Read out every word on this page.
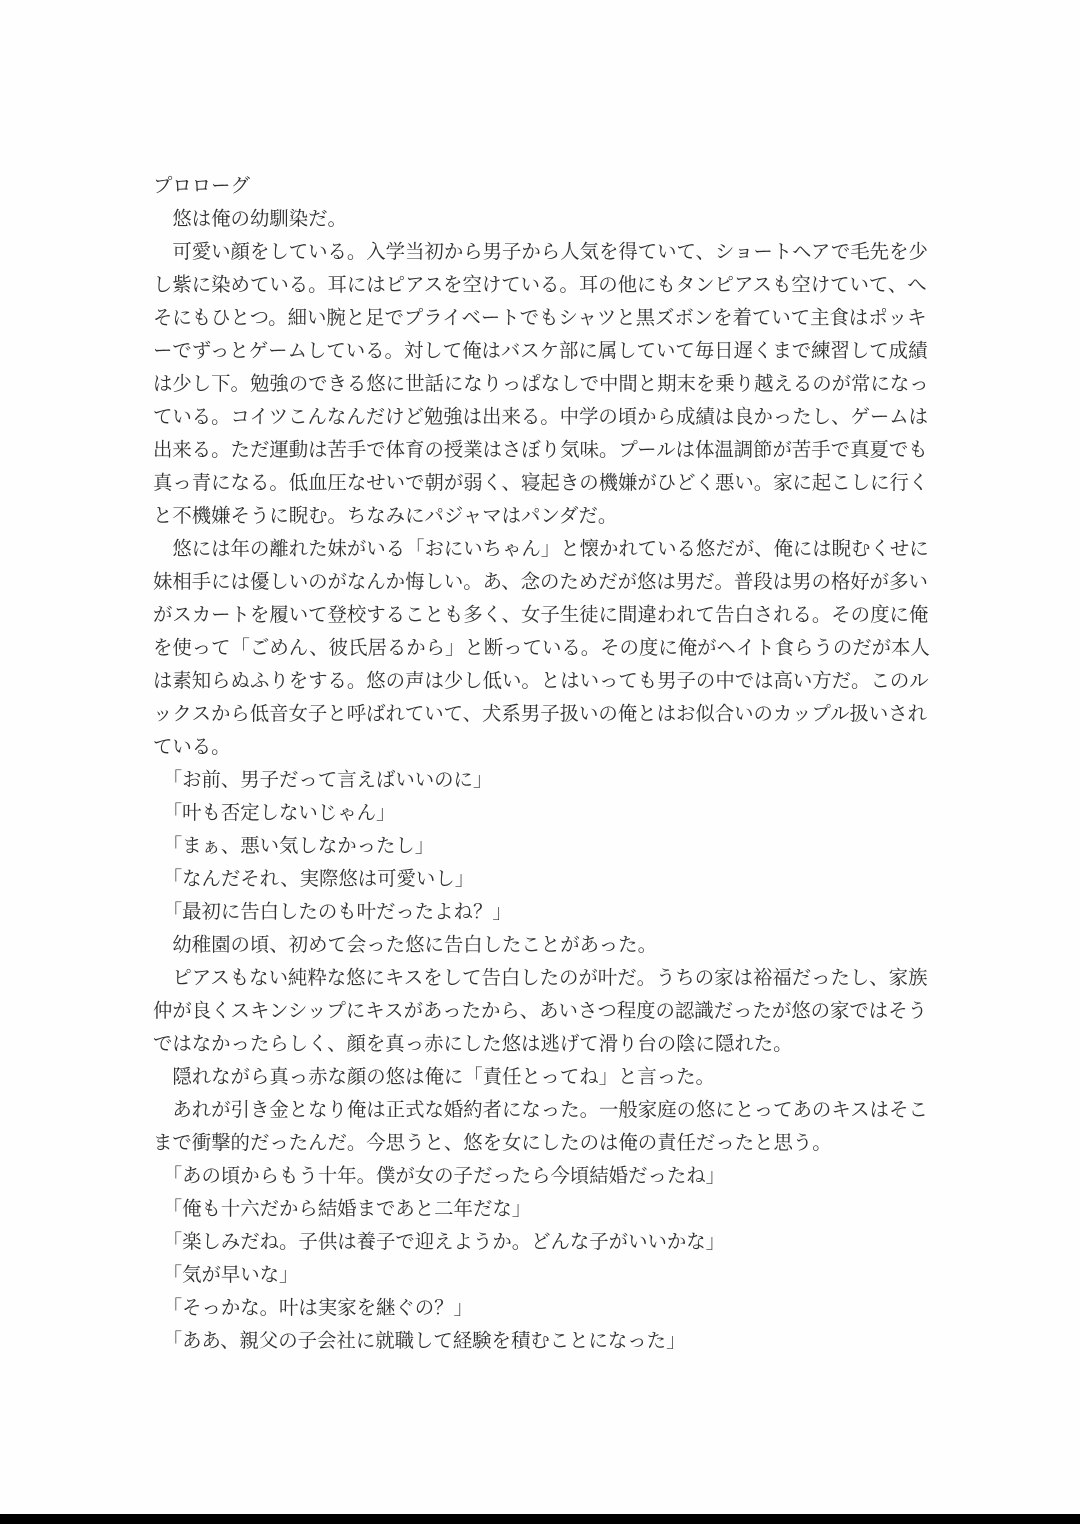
プロローグ
　悠は俺の幼馴染だ。
　可愛い顔をしている。入学当初から男子から人気を得ていて、ショートヘアで毛先を少
し紫に染めている。耳にはピアスを空けている。耳の他にもタンピアスも空けていて、へ
そにもひとつ。細い腕と足でプライベートでもシャツと黒ズボンを着ていて主食はポッキ
ーでずっとゲームしている。対して俺はバスケ部に属していて毎日遅くまで練習して成績
は少し下。勉強のできる悠に世話になりっぱなしで中間と期末を乗り越えるのが常になっ
ている。コイツこんなんだけど勉強は出来る。中学の頃から成績は良かったし、ゲームは
出来る。ただ運動は苦手で体育の授業はさぼり気味。プールは体温調節が苦手で真夏でも
真っ青になる。低血圧なせいで朝が弱く、寝起きの機嫌がひどく悪い。家に起こしに行く
と不機嫌そうに睨む。ちなみにパジャマはパンダだ。
　悠には年の離れた妹がいる「おにいちゃん」と懐かれている悠だが、俺には睨むくせに
妹相手には優しいのがなんか悔しい。あ、念のためだが悠は男だ。普段は男の格好が多い
がスカートを履いて登校することも多く、女子生徒に間違われて告白される。その度に俺
を使って「ごめん、彼氏居るから」と断っている。その度に俺がヘイト食らうのだが本人
は素知らぬふりをする。悠の声は少し低い。とはいっても男子の中では高い方だ。このル
ックスから低音女子と呼ばれていて、犬系男子扱いの俺とはお似合いのカップル扱いされ
ている。
　「お前、男子だって言えばいいのに」
　「叶も否定しないじゃん」
　「まぁ、悪い気しなかったし」
　「なんだそれ、実際悠は可愛いし」
　「最初に告白したのも叶だったよね？」
　幼稚園の頃、初めて会った悠に告白したことがあった。
　ピアスもない純粋な悠にキスをして告白したのが叶だ。うちの家は裕福だったし、家族
仲が良くスキンシップにキスがあったから、あいさつ程度の認識だったが悠の家ではそう
ではなかったらしく、顔を真っ赤にした悠は逃げて滑り台の陰に隠れた。
　隠れながら真っ赤な顔の悠は俺に「責任とってね」と言った。
　あれが引き金となり俺は正式な婚約者になった。一般家庭の悠にとってあのキスはそこ
まで衝撃的だったんだ。今思うと、悠を女にしたのは俺の責任だったと思う。
　「あの頃からもう十年。僕が女の子だったら今頃結婚だったね」
　「俺も十六だから結婚まであと二年だな」
　「楽しみだね。子供は養子で迎えようか。どんな子がいいかな」
　「気が早いな」
　「そっかな。叶は実家を継ぐの？」
　「ああ、親父の子会社に就職して経験を積むことになった」
